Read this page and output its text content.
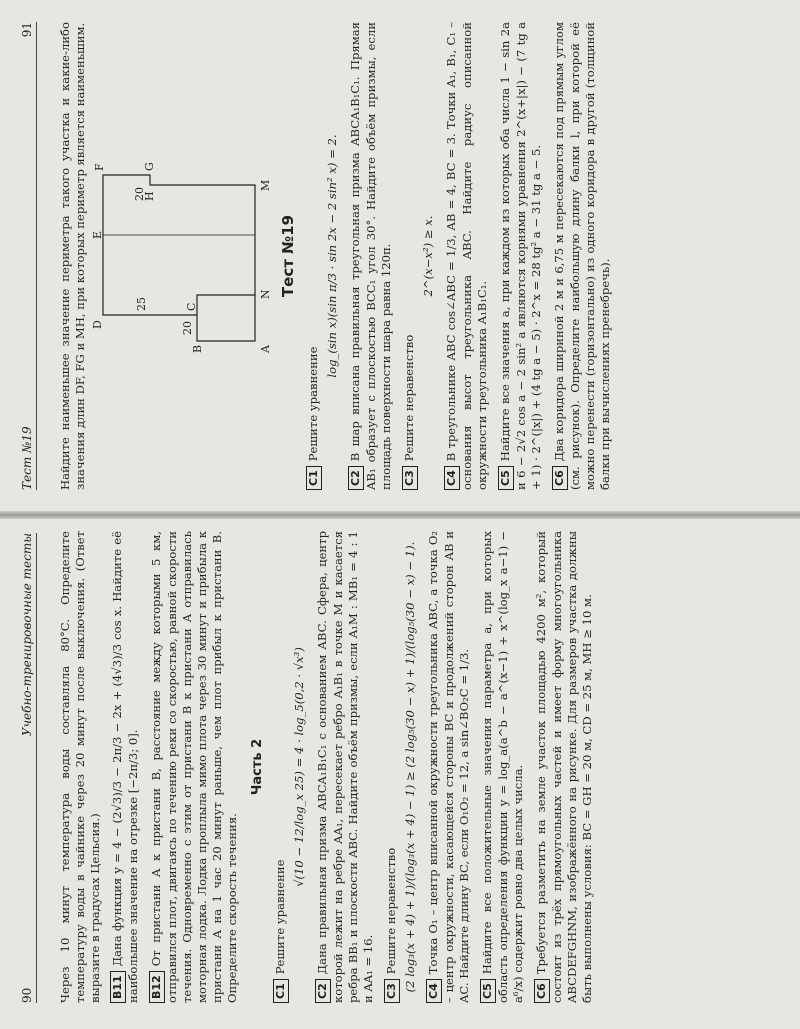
90
Учебно-тренировочные тесты Через 10 минут температура воды составляла 80°C. Определите температуру воды в чайнике через 20 минут после выключения. (Ответ выразите в градусах Цельсия.) B11Дана функция y = 4 − (2√3)/3 − 2π/3 − 2x + (4√3)/3 cos x. Найдите её наибольшее значение на отрезке [−2π/3; 0]. B12От пристани A к пристани B, расстояние между которыми 5 км, отправился плот, двигаясь по течению реки со скоростью, равной скорости течения. Одновременно с этим от пристани B к пристани A отправилась моторная лодка. Лодка проплыла мимо плота через 30 минут и прибыла к пристани A на 1 час 20 минут раньше, чем плот прибыл к пристани B. Определите скорость течения.
Часть 2
C1Решите уравнение
√(10 − 12/log_x 25) = 4 · log_5(0,2 · √x³)
C2Дана правильная призма ABCA₁B₁C₁ с основанием ABC. Сфера, центр которой лежит на ребре AA₁, пересекает ребро A₁B₁ в точке M и касается ребра BB₁ и плоскости ABC. Найдите объём призмы, если A₁M : MB₁ = 4 : 1 и AA₁ = 16. C3Решите неравенство (2 log₃(x + 4) + 1)/(log₃(x + 4) − 1) ≥ (2 log₅(30 − x) + 1)/(log₅(30 − x) − 1). C4Точка O₁ – центр вписанной окружности треугольника ABC, а точка O₂ – центр окружности, касающейся стороны BC и продолжений сторон AB и AC. Найдите длину BC, если O₁O₂ = 12, а sin∠BO₂C = 1/3. C5Найдите все положительные значения параметра a, при которых область определения функции y = log_a(a^b − a^(x−1) + x^(log_x a−1) − a⁶/x) содержит ровно два целых числа. C6Требуется разметить на земле участок площадью 4200 м², который состоит из трёх прямоугольных частей и имеет форму многоугольника ABCDEFGHNM, изображённого на рисунке. Для размеров участка должны быть выполнены условия: BC = GH = 20 м, CD = 25 м, MH ≥ 10 м.
Тест №19
91 Найдите наименьшее значение периметра такого участка и какие-либо значения длин DF, FG и MH, при которых периметр является наименьшим. D
E
F	G
H
M
N
A
B
C
20
25
20
Тест №19
C1Решите уравнение
log_(sin x)(sin π/3 · sin 2x − 2 sin² x) = 2.
C2В шар вписана правильная треугольная призма ABCA₁B₁C₁. Прямая AB₁ образует с плоскостью BCC₁ угол 30°. Найдите объём призмы, если площадь поверхности шара равна 120π. C3Решите неравенство
2^(x−x²) ≥ x.
C4В треугольнике ABC cos∠ABC = 1/3, AB = 4, BC = 3. Точки A₁, B₁, C₁ – основания высот треугольника ABC. Найдите радиус описанной окружности треугольника A₁B₁C₁. C5Найдите все значения a, при каждом из которых оба числа 1 − sin 2a и 6 − 2√2 cos a − 2 sin² a являются корнями уравнения 2^(x+|x|) − (7 tg a + 1) · 2^(|x|) + (4 tg a − 5) · 2^x = 28 tg² a − 31 tg a − 5. C6Два коридора шириной 2 м и 6,75 м пересекаются под прямым углом (см. рисунок). Определите наибольшую длину балки l, при которой её можно перенести (горизонтально) из одного коридора в другой (толщиной балки при вычислениях пренебречь).
